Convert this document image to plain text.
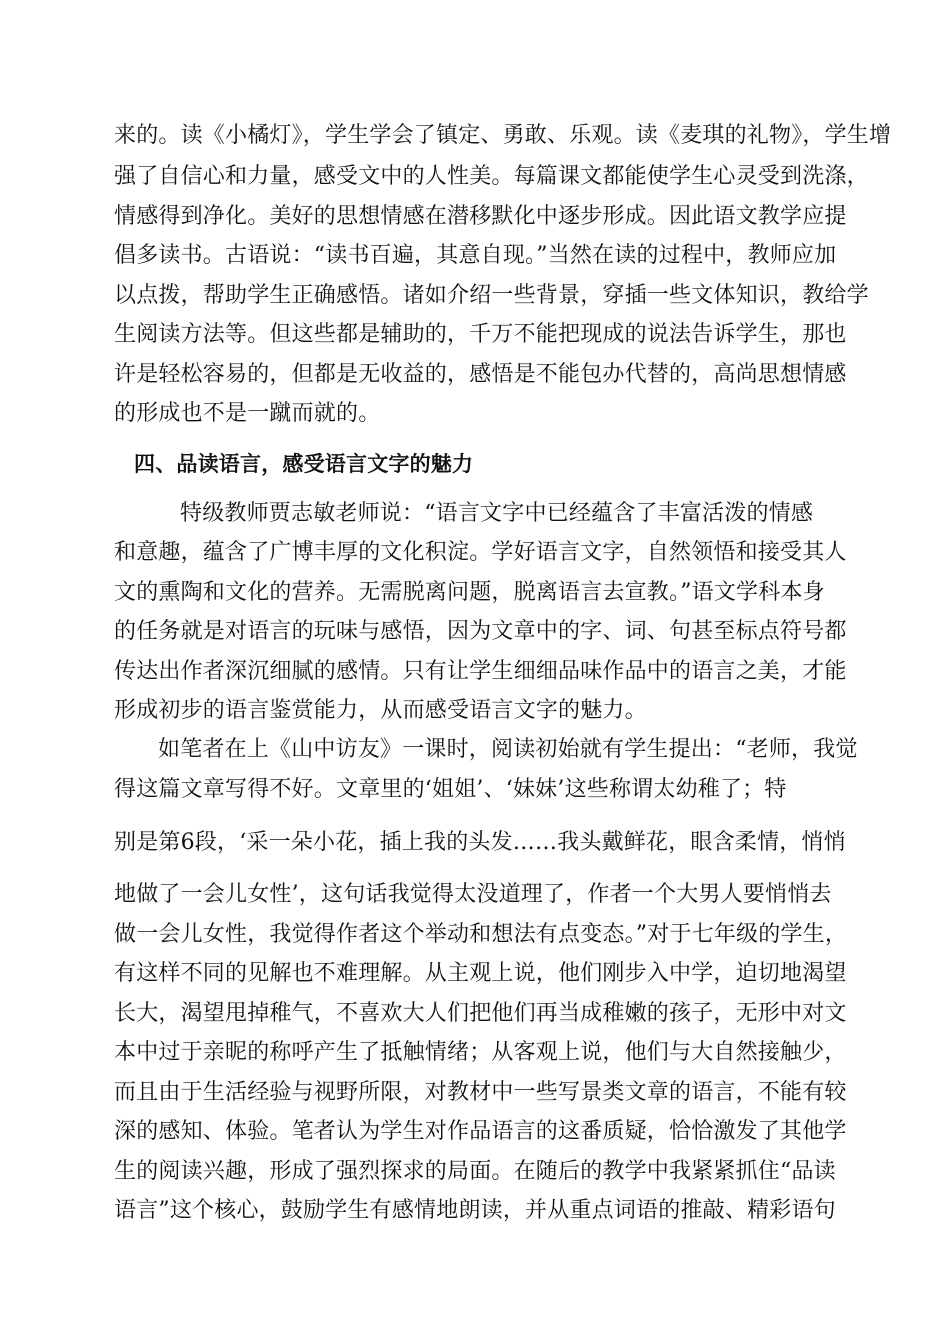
来的。读《小橘灯》，学生学会了镇定、勇敢、乐观。读《麦琪的礼物》，学生增
强了自信心和力量，感受文中的人性美。每篇课文都能使学生心灵受到洗涤，
情感得到净化。美好的思想情感在潜移默化中逐步形成。因此语文教学应提
倡多读书。古语说：“读书百遍，其意自现。”当然在读的过程中，教师应加
以点拨，帮助学生正确感悟。诸如介绍一些背景，穿插一些文体知识，教给学
生阅读方法等。但这些都是辅助的，千万不能把现成的说法告诉学生，那也
许是轻松容易的，但都是无收益的，感悟是不能包办代替的，高尚思想情感
的形成也不是一蹴而就的。
四、品读语言，感受语言文字的魅力
特级教师贾志敏老师说：“语言文字中已经蕴含了丰富活泼的情感
和意趣，蕴含了广博丰厚的文化积淀。学好语言文字，自然领悟和接受其人
文的熏陶和文化的营养。无需脱离问题，脱离语言去宣教。”语文学科本身
的任务就是对语言的玩味与感悟，因为文章中的字、词、句甚至标点符号都
传达出作者深沉细腻的感情。只有让学生细细品味作品中的语言之美，才能
形成初步的语言鉴赏能力，从而感受语言文字的魅力。
如笔者在上《山中访友》一课时，阅读初始就有学生提出：“老师，我觉
得这篇文章写得不好。文章里的‘姐姐’、‘妹妹’这些称谓太幼稚了；特
别是第6段，‘采一朵小花，插上我的头发……我头戴鲜花，眼含柔情，悄悄
地做了一会儿女性’，这句话我觉得太没道理了，作者一个大男人要悄悄去
做一会儿女性，我觉得作者这个举动和想法有点变态。”对于七年级的学生，
有这样不同的见解也不难理解。从主观上说，他们刚步入中学，迫切地渴望
长大，渴望甩掉稚气，不喜欢大人们把他们再当成稚嫩的孩子，无形中对文
本中过于亲昵的称呼产生了抵触情绪；从客观上说，他们与大自然接触少，
而且由于生活经验与视野所限，对教材中一些写景类文章的语言，不能有较
深的感知、体验。笔者认为学生对作品语言的这番质疑，恰恰激发了其他学
生的阅读兴趣，形成了强烈探求的局面。在随后的教学中我紧紧抓住“品读
语言”这个核心，鼓励学生有感情地朗读，并从重点词语的推敲、精彩语句
